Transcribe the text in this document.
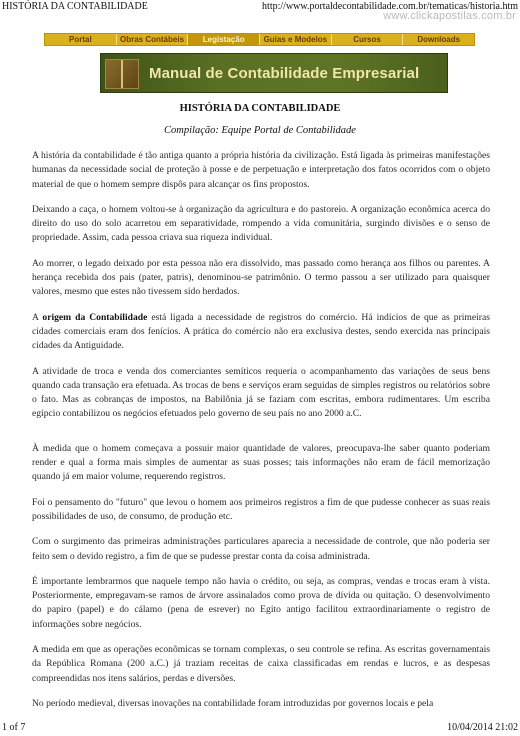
HISTÓRIA DA CONTABILIDADE	http://www.portaldecontabilidade.com.br/tematicas/historia.htm
www.clickapostilas.com.br
Portal	Obras Contábeis	Legistação	Guias e Modelos	Cursos	Downloads
Manual de Contabilidade Empresarial
HISTÓRIA DA CONTABILIDADE
Compilação: Equipe Portal de Contabilidade

A história da contabilidade é tão antiga quanto a própria história da civilização. Está ligada às primeiras manifestações humanas da necessidade social de proteção à posse e de perpetuação e interpretação dos fatos ocorridos com o objeto material de que o homem sempre dispôs para alcançar os fins propostos.

Deixando a caça, o homem voltou-se à organização da agricultura e do pastoreio. A organização econômica acerca do direito do uso do solo acarretou em separatividade, rompendo a vida comunitária, surgindo divisões e o senso de propriedade. Assim, cada pessoa criava sua riqueza individual.

Ao morrer, o legado deixado por esta pessoa não era dissolvido, mas passado como herança aos filhos ou parentes. A herança recebida dos pais (pater, patris), denominou-se patrimônio. O termo passou a ser utilizado para quaisquer valores, mesmo que estes não tivessem sido herdados.

A origem da Contabilidade está ligada a necessidade de registros do comércio. Há indícios de que as primeiras cidades comerciais eram dos fenícios. A prática do comércio não era exclusiva destes, sendo exercida nas principais cidades da Antiguidade.

A atividade de troca e venda dos comerciantes semíticos requeria o acompanhamento das variações de seus bens quando cada transação era efetuada. As trocas de bens e serviços eram seguidas de simples registros ou relatórios sobre o fato. Mas as cobranças de impostos, na Babilônia já se faziam com escritas, embora rudimentares. Um escriba egípcio contabilizou os negócios efetuados pelo governo de seu país no ano 2000 a.C.

À medida que o homem começava a possuir maior quantidade de valores, preocupava-lhe saber quanto poderiam render e qual a forma mais simples de aumentar as suas posses; tais informações não eram de fácil memorização quando já em maior volume, requerendo registros.

Foi o pensamento do "futuro" que levou o homem aos primeiros registros a fim de que pudesse conhecer as suas reais possibilidades de uso, de consumo, de produção etc.

Com o surgimento das primeiras administrações particulares aparecia a necessidade de controle, que não poderia ser feito sem o devido registro, a fim de que se pudesse prestar conta da coisa administrada.

É importante lembrarmos que naquele tempo não havia o crédito, ou seja, as compras, vendas e trocas eram à vista. Posteriormente, empregavam-se ramos de árvore assinalados como prova de dívida ou quitação. O desenvolvimento do papiro (papel) e do cálamo (pena de esrever) no Egito antigo facilitou extraordinariamente o registro de informações sobre negócios.

A medida em que as operações econômicas se tornam complexas, o seu controle se refina. As escritas governamentais da República Romana (200 a.C.) já traziam receitas de caixa classificadas em rendas e lucros, e as despesas compreendidas nos itens salários, perdas e diversões.

No período medieval, diversas inovações na contabilidade foram introduzidas por governos locais e pela

1 of 7	10/04/2014 21:02
